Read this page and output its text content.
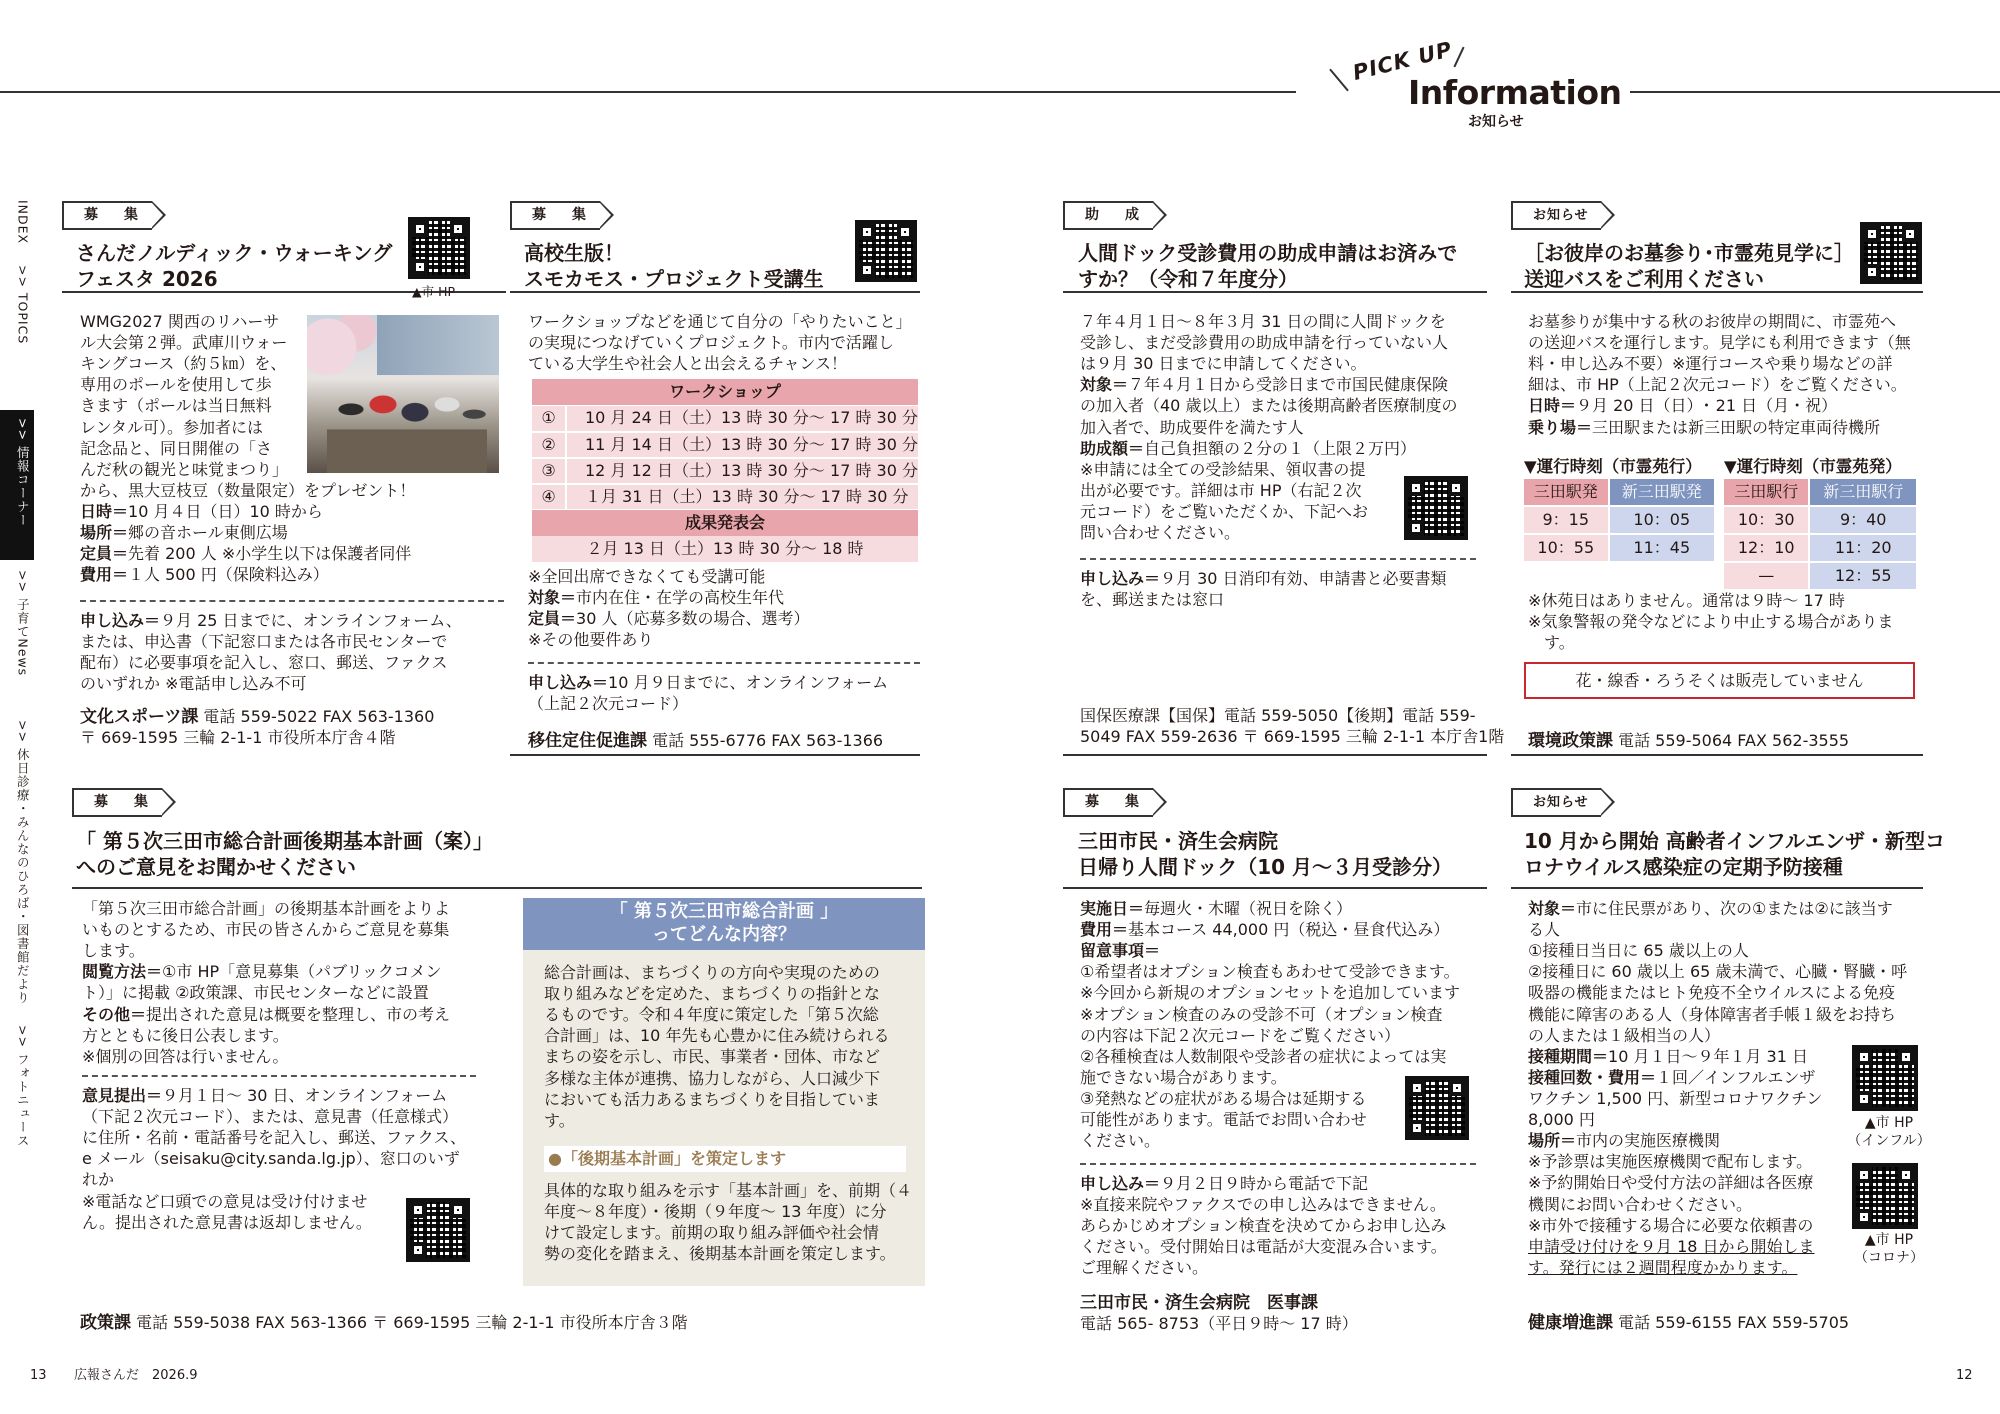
PICK UP
Information
お知らせ
INDEX
>> TOPICS
>> 情報コーナー
>> 子育てNews
>> 休日診療・みんなのひろば・図書館だより
>> フォトニュース
募　集
さんだノルディック・ウォーキング
フェスタ 2026
▲市 HP

WMG2027 関西のリハーサ

ル大会第２弾。武庫川ウォー

キングコース（約５㎞）を、

専用のポールを使用して歩

きます（ポールは当日無料

レンタル可）。参加者には

記念品と、同日開催の「さ

んだ秋の観光と味覚まつり」

から、黒大豆枝豆（数量限定）をプレゼント！

日時＝10 月４日（日）10 時から

場所＝郷の音ホール東側広場

定員＝先着 200 人 ※小学生以下は保護者同伴

費用＝１人 500 円（保険料込み）

申し込み＝９月 25 日までに、オンラインフォーム、

または、申込書（下記窓口または各市民センターで

配布）に必要事項を記入し、窓口、郵送、ファクス

のいずれか ※電話申し込み不可

文化スポーツ課 電話 559-5022 FAX 563-1360
〒 669-1595 三輪 2-1-1 市役所本庁舎４階
募　集
高校生版！
スモカモス・プロジェクト受講生

ワークショップなどを通じて自分の「やりたいこと」

の実現につなげていくプロジェクト。市内で活躍し

ている大学生や社会人と出会えるチャンス！

ワークショップ
①	10 月 24 日（土）13 時 30 分～ 17 時 30 分
②	11 月 14 日（土）13 時 30 分～ 17 時 30 分
③	12 月 12 日（土）13 時 30 分～ 17 時 30 分
④	１月 31 日（土）13 時 30 分～ 17 時 30 分
成果発表会
２月 13 日（土）13 時 30 分～ 18 時

※全回出席できなくても受講可能

対象＝市内在住・在学の高校生年代

定員＝30 人（応募多数の場合、選考）

※その他要件あり

申し込み＝10 月９日までに、オンラインフォーム

（上記２次元コード）

移住定住促進課 電話 555-6776 FAX 563-1366
募　集
「 第５次三田市総合計画後期基本計画（案）」
へのご意見をお聞かせください

「第５次三田市総合計画」の後期基本計画をよりよ

いものとするため、市民の皆さんからご意見を募集

します。

閲覧方法＝①市 HP「意見募集（パブリックコメン

ト）」に掲載 ②政策課、市民センターなどに設置

その他＝提出された意見は概要を整理し、市の考え

方とともに後日公表します。

※個別の回答は行いません。

意見提出＝９月１日～ 30 日、オンラインフォーム

（下記２次元コード）、または、意見書（任意様式）

に住所・名前・電話番号を記入し、郵送、ファクス、

e メール（seisaku@city.sanda.lg.jp）、窓口のいず

れか

※電話など口頭での意見は受け付けませ

ん。提出された意見書は返却しません。

「 第５次三田市総合計画 」
ってどんな内容？

総合計画は、まちづくりの方向や実現のための

取り組みなどを定めた、まちづくりの指針とな

るものです。令和４年度に策定した「第５次総

合計画」は、10 年先も心豊かに住み続けられる

まちの姿を示し、市民、事業者・団体、市など

多様な主体が連携、協力しながら、人口減少下

においても活力あるまちづくりを目指していま

す。

●「後期基本計画」を策定します

具体的な取り組みを示す「基本計画」を、前期（４

年度～８年度）・後期（９年度～ 13 年度）に分

けて設定します。前期の取り組み評価や社会情

勢の変化を踏まえ、後期基本計画を策定します。

政策課 電話 559-5038 FAX 563-1366 〒 669-1595 三輪 2-1-1 市役所本庁舎３階
助　成
人間ドック受診費用の助成申請はお済みで
すか？（令和７年度分）

７年４月１日～８年３月 31 日の間に人間ドックを

受診し、まだ受診費用の助成申請を行っていない人

は９月 30 日までに申請してください。

対象＝７年４月１日から受診日まで市国民健康保険

の加入者（40 歳以上）または後期高齢者医療制度の

加入者で、助成要件を満たす人

助成額＝自己負担額の２分の１（上限２万円）

※申請には全ての受診結果、領収書の提

出が必要です。詳細は市 HP（右記２次

元コード）をご覧いただくか、下記へお

問い合わせください。

申し込み＝９月 30 日消印有効、申請書と必要書類

を、郵送または窓口

国保医療課【国保】電話 559-5050【後期】電話 559-
5049 FAX 559-2636 〒 669-1595 三輪 2-1-1 本庁舎1階
お知らせ
［お彼岸のお墓参り･市霊苑見学に］
送迎バスをご利用ください

お墓参りが集中する秋のお彼岸の期間に、市霊苑へ

の送迎バスを運行します。見学にも利用できます（無

料・申し込み不要）※運行コースや乗り場などの詳

細は、市 HP（上記２次元コード）をご覧ください。

日時＝９月 20 日（日）･ 21 日（月・祝）

乗り場＝三田駅または新三田駅の特定車両待機所

▼運行時刻（市霊苑行） ▼運行時刻（市霊苑発）
三田駅発	新三田駅発
9：15	10：05
10：55	11：45
三田駅行	新三田駅行
10：30	9：40
12：10	11：20
—	12：55

※休苑日はありません。通常は９時～ 17 時

※気象警報の発令などにより中止する場合がありま

　す。

花・線香・ろうそくは販売していません
環境政策課 電話 559-5064 FAX 562-3555
募　集
三田市民・済生会病院
日帰り人間ドック（10 月～３月受診分）

実施日＝毎週火・木曜（祝日を除く）

費用＝基本コース 44,000 円（税込・昼食代込み）

留意事項＝

①希望者はオプション検査もあわせて受診できます。

※今回から新規のオプションセットを追加しています

※オプション検査のみの受診不可（オプション検査

の内容は下記２次元コードをご覧ください）

②各種検査は人数制限や受診者の症状によっては実

施できない場合があります。

③発熱などの症状がある場合は延期する

可能性があります。電話でお問い合わせ

ください。

申し込み＝９月２日９時から電話で下記

※直接来院やファクスでの申し込みはできません。

あらかじめオプション検査を決めてからお申し込み

ください。受付開始日は電話が大変混み合います。

ご理解ください。

三田市民・済生会病院　医事課
電話 565- 8753（平日９時～ 17 時）
お知らせ
10 月から開始 高齢者インフルエンザ・新型コ
ロナウイルス感染症の定期予防接種

対象＝市に住民票があり、次の①または②に該当す

る人

①接種日当日に 65 歳以上の人

②接種日に 60 歳以上 65 歳未満で、心臓・腎臓・呼

吸器の機能またはヒト免疫不全ウイルスによる免疫

機能に障害のある人（身体障害者手帳１級をお持ち

の人または１級相当の人）

接種期間＝10 月１日～９年１月 31 日

接種回数・費用＝１回／インフルエンザ

ワクチン 1,500 円、新型コロナワクチン

8,000 円

場所＝市内の実施医療機関

※予診票は実施医療機関で配布します。

※予約開始日や受付方法の詳細は各医療

機関にお問い合わせください。

※市外で接種する場合に必要な依頼書の

申請受け付けを９月 18 日から開始しま

す。発行には２週間程度かかります。

▲市 HP
（インフル）
▲市 HP
（コロナ）
健康増進課 電話 559-6155 FAX 559-5705
13 広報さんだ　2026.9	12
